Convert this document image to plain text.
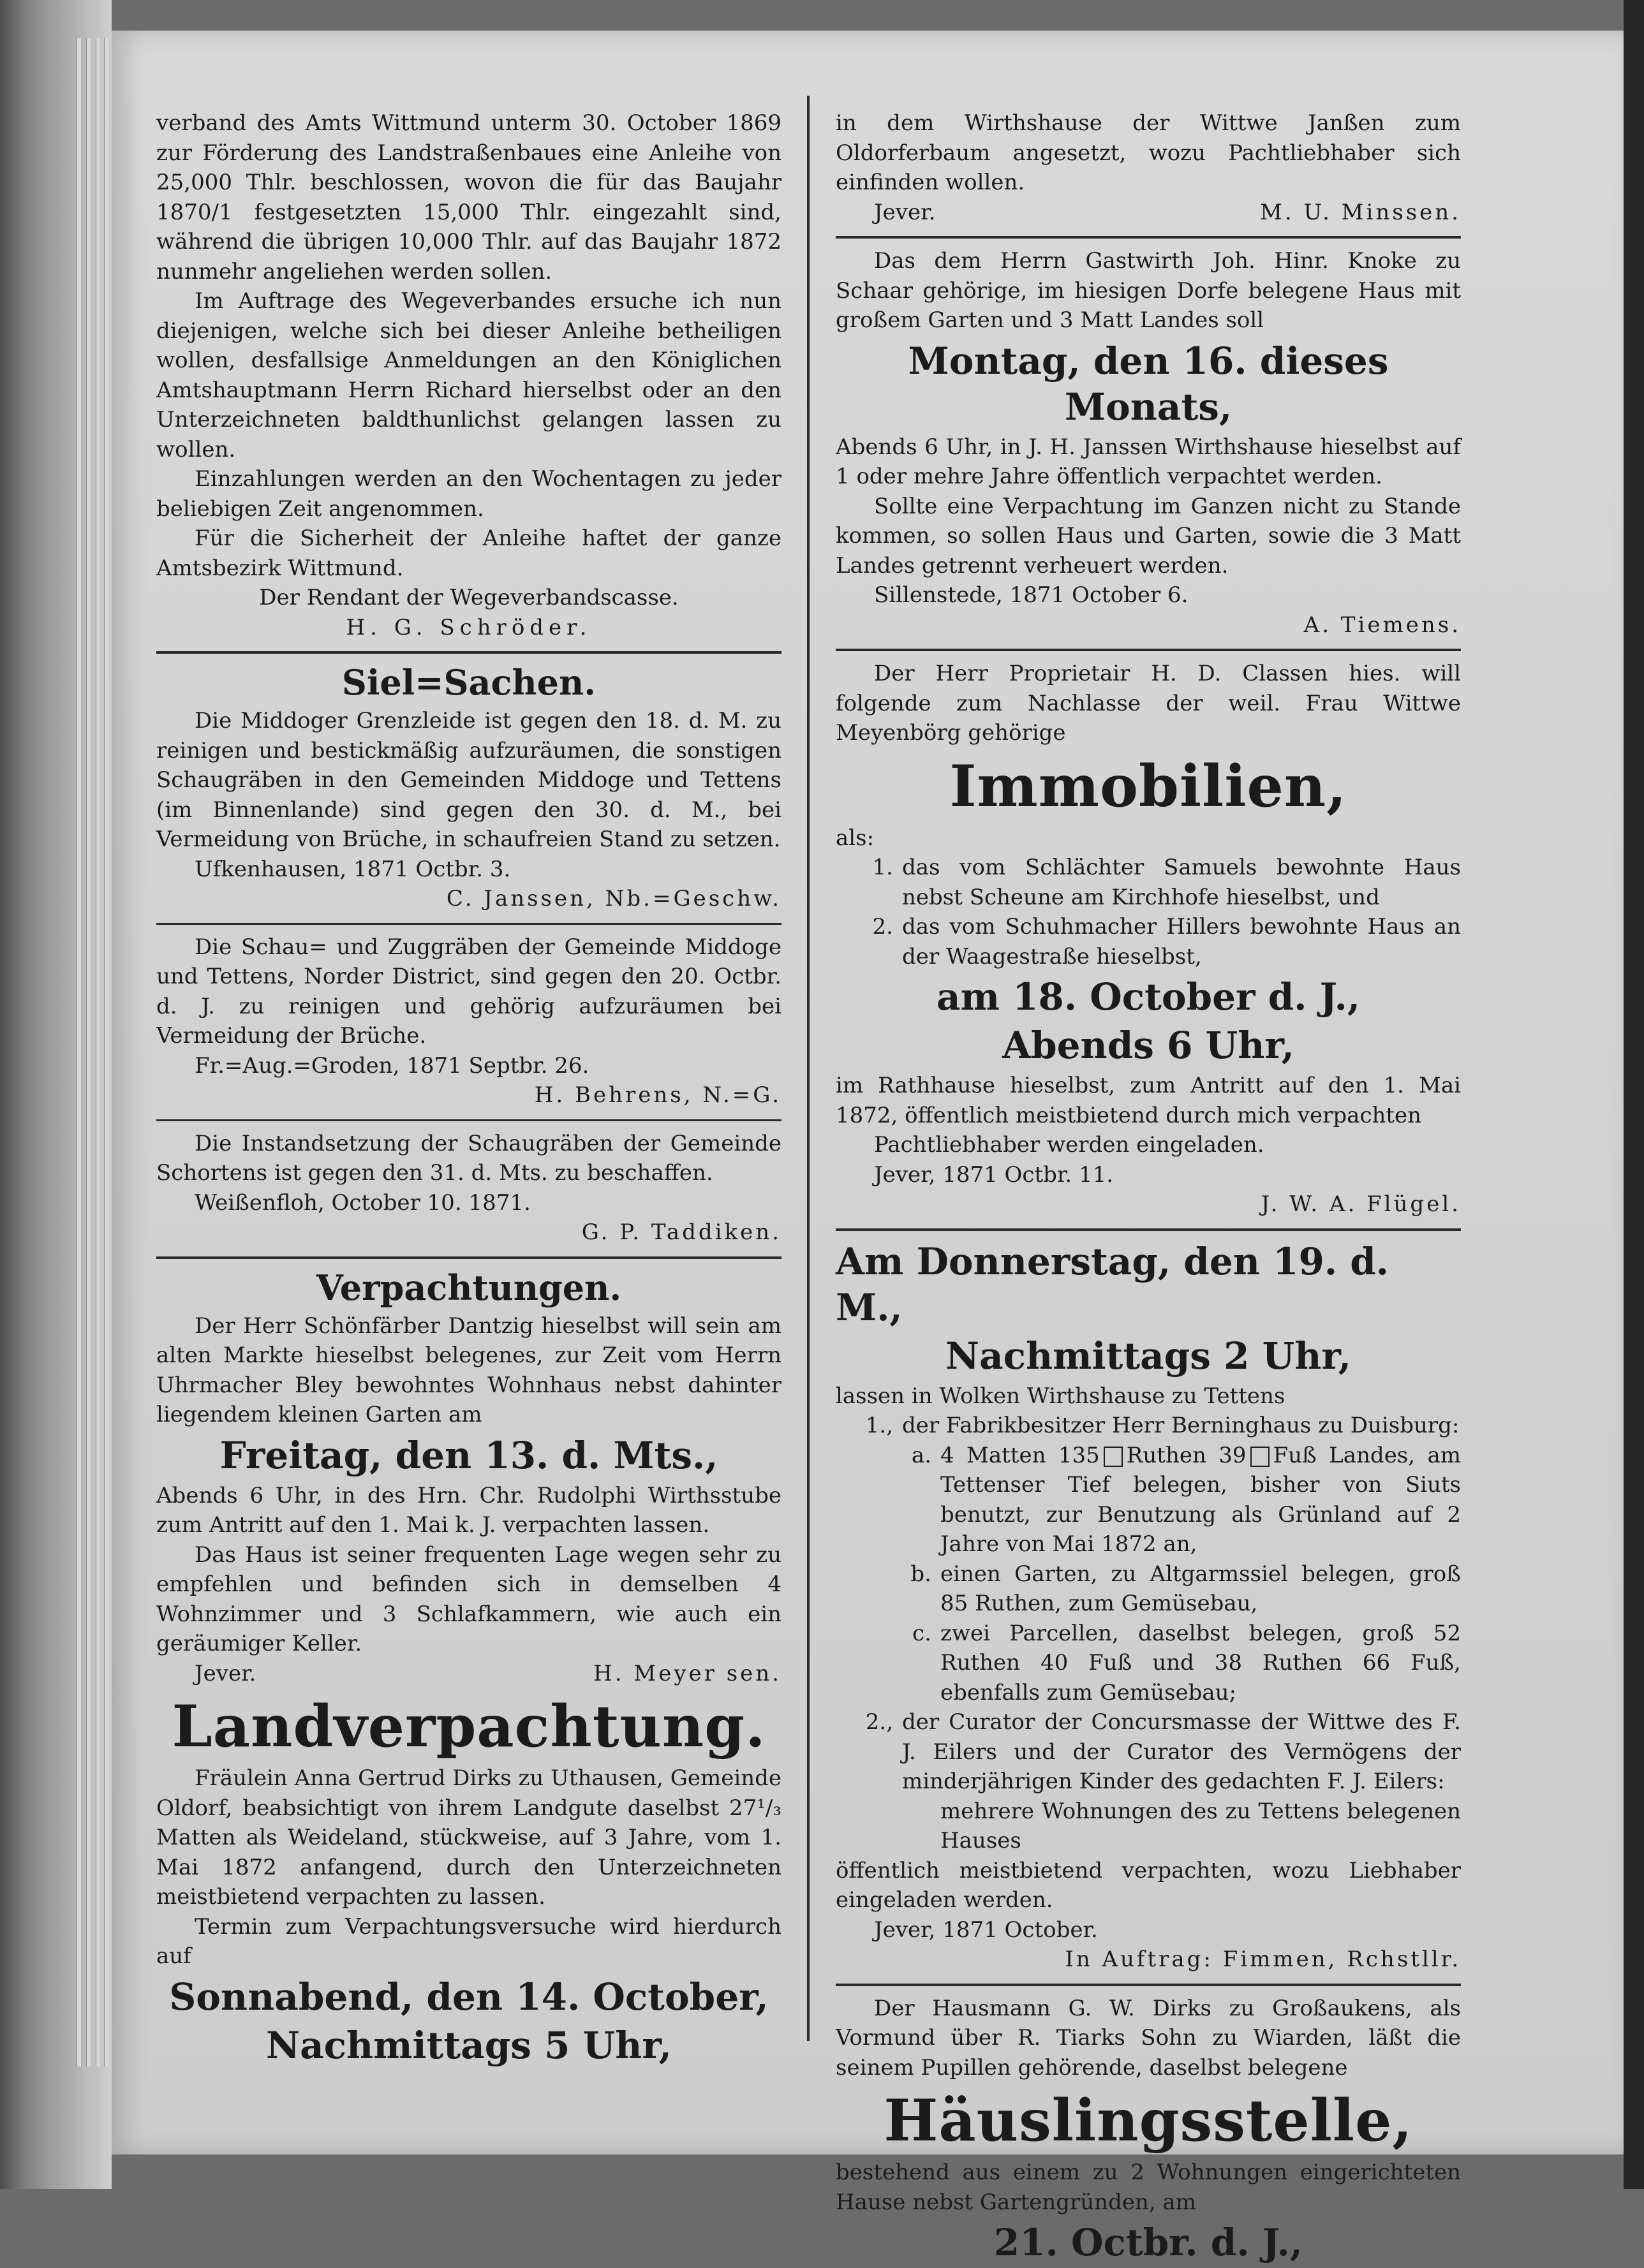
verband des Amts Wittmund unterm 30. October 1869 zur Förderung des Landstraßenbaues eine Anleihe von 25,000 Thlr. beschlossen, wovon die für das Baujahr 1870/1 festgesetzten 15,000 Thlr. eingezahlt sind, während die übrigen 10,000 Thlr. auf das Baujahr 1872 nunmehr angeliehen werden sollen.

Im Auftrage des Wegeverbandes ersuche ich nun diejenigen, welche sich bei dieser Anleihe betheiligen wollen, desfallsige Anmeldungen an den Königlichen Amtshauptmann Herrn Richard hierselbst oder an den Unterzeichneten baldthunlichst gelangen lassen zu wollen.

Einzahlungen werden an den Wochentagen zu jeder beliebigen Zeit angenommen.

Für die Sicherheit der Anleihe haftet der ganze Amtsbezirk Wittmund.

Der Rendant der Wegeverbandscasse.

H. G. Schröder.

Siel=Sachen.

Die Middoger Grenzleide ist gegen den 18. d. M. zu reinigen und bestickmäßig aufzuräumen, die sonstigen Schaugräben in den Gemeinden Middoge und Tettens (im Binnenlande) sind gegen den 30. d. M., bei Vermeidung von Brüche, in schaufreien Stand zu setzen.

Ufkenhausen, 1871 Octbr. 3.

C. Janssen, Nb.=Geschw.

Die Schau= und Zuggräben der Gemeinde Middoge und Tettens, Norder District, sind gegen den 20. Octbr. d. J. zu reinigen und gehörig aufzuräumen bei Vermeidung der Brüche.

Fr.=Aug.=Groden, 1871 Septbr. 26.

H. Behrens, N.=G.

Die Instandsetzung der Schaugräben der Gemeinde Schortens ist gegen den 31. d. Mts. zu beschaffen.

Weißenfloh, October 10. 1871.

G. P. Taddiken.

Verpachtungen.

Der Herr Schönfärber Dantzig hieselbst will sein am alten Markte hieselbst belegenes, zur Zeit vom Herrn Uhrmacher Bley bewohntes Wohnhaus nebst dahinter liegendem kleinen Garten am

Freitag, den 13. d. Mts.,

Abends 6 Uhr, in des Hrn. Chr. Rudolphi Wirthsstube zum Antritt auf den 1. Mai k. J. verpachten lassen.

Das Haus ist seiner frequenten Lage wegen sehr zu empfehlen und befinden sich in demselben 4 Wohnzimmer und 3 Schlafkammern, wie auch ein geräumiger Keller.

Jever.	H. Meyer sen.

Landverpachtung.

Fräulein Anna Gertrud Dirks zu Uthausen, Gemeinde Oldorf, beabsichtigt von ihrem Landgute daselbst 27¹/₃ Matten als Weideland, stückweise, auf 3 Jahre, vom 1. Mai 1872 anfangend, durch den Unterzeichneten meistbietend verpachten zu lassen.

Termin zum Verpachtungsversuche wird hierdurch auf

Sonnabend, den 14. October,
Nachmittags 5 Uhr,

in dem Wirthshause der Wittwe Janßen zum Oldorferbaum angesetzt, wozu Pachtliebhaber sich einfinden wollen.

Jever.	M. U. Minssen.

Das dem Herrn Gastwirth Joh. Hinr. Knoke zu Schaar gehörige, im hiesigen Dorfe belegene Haus mit großem Garten und 3 Matt Landes soll

Montag, den 16. dieses Monats,

Abends 6 Uhr, in J. H. Janssen Wirthshause hieselbst auf 1 oder mehre Jahre öffentlich verpachtet werden.

Sollte eine Verpachtung im Ganzen nicht zu Stande kommen, so sollen Haus und Garten, sowie die 3 Matt Landes getrennt verheuert werden.

Sillenstede, 1871 October 6.

A. Tiemens.

Der Herr Proprietair H. D. Classen hies. will folgende zum Nachlasse der weil. Frau Wittwe Meyenbörg gehörige

Immobilien,

als:

1. das vom Schlächter Samuels bewohnte Haus nebst Scheune am Kirchhofe hieselbst, und
2. das vom Schuhmacher Hillers bewohnte Haus an der Waagestraße hieselbst,
am 18. October d. J.,
Abends 6 Uhr,

im Rathhause hieselbst, zum Antritt auf den 1. Mai 1872, öffentlich meistbietend durch mich verpachten

Pachtliebhaber werden eingeladen.

Jever, 1871 Octbr. 11.

J. W. A. Flügel.

Am Donnerstag, den 19. d. M.,
Nachmittags 2 Uhr,

lassen in Wolken Wirthshause zu Tettens

1., der Fabrikbesitzer Herr Berninghaus zu Duisburg:
a. 4 Matten 135 Ruthen 39 Fuß Landes, am Tettenser Tief belegen, bisher von Siuts benutzt, zur Benutzung als Grünland auf 2 Jahre von Mai 1872 an,
b. einen Garten, zu Altgarmssiel belegen, groß 85 Ruthen, zum Gemüsebau,
c. zwei Parcellen, daselbst belegen, groß 52 Ruthen 40 Fuß und 38 Ruthen 66 Fuß, ebenfalls zum Gemüsebau;
2., der Curator der Concursmasse der Wittwe des F. J. Eilers und der Curator des Vermögens der minderjährigen Kinder des gedachten F. J. Eilers:
mehrere Wohnungen des zu Tettens belegenen Hauses

öffentlich meistbietend verpachten, wozu Liebhaber eingeladen werden.

Jever, 1871 October.

In Auftrag: Fimmen, Rchstllr.

Der Hausmann G. W. Dirks zu Großaukens, als Vormund über R. Tiarks Sohn zu Wiarden, läßt die seinem Pupillen gehörende, daselbst belegene

Häuslingsstelle,

bestehend aus einem zu 2 Wohnungen eingerichteten Hause nebst Gartengründen, am

21. Octbr. d. J.,
